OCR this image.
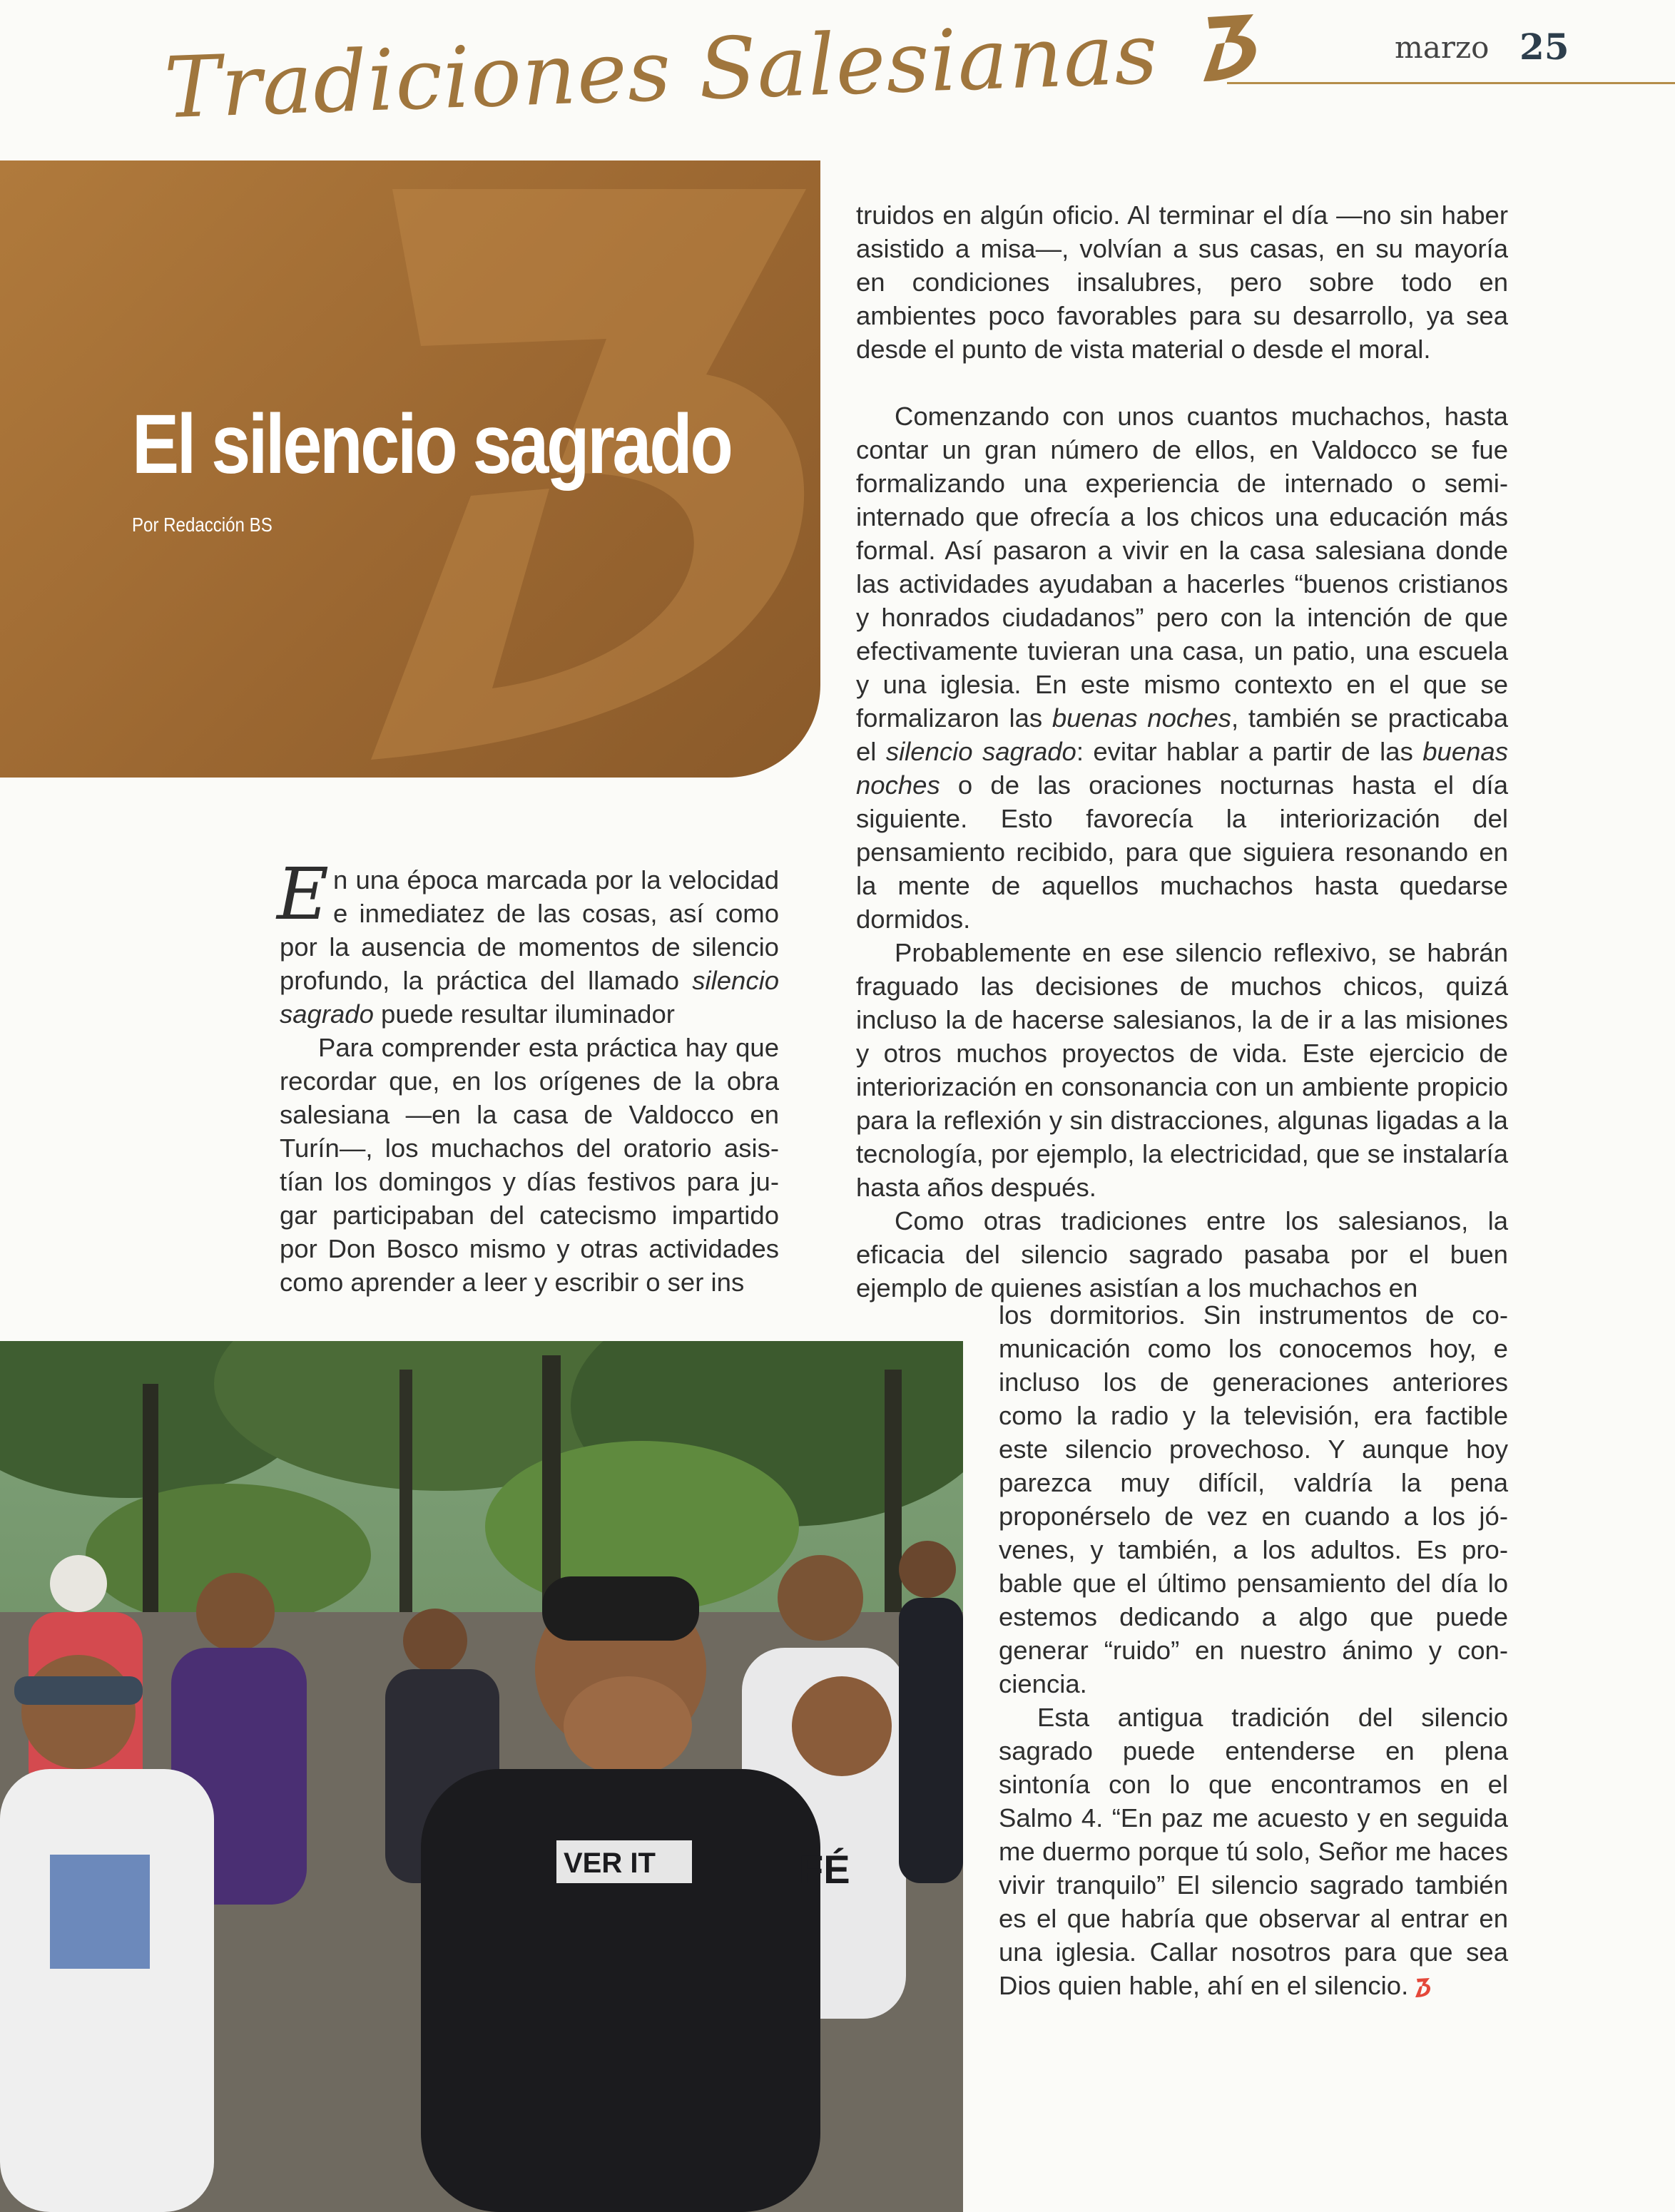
Tradiciones Salesianas	marzo 25
El silencio sagrado
Por Redacción BS

En una época marcada por la velocidad e inmediatez de las cosas, así como por la ausencia de momentos de silencio profundo, la práctica del llamado silencio sagrado puede resultar iluminador

Para comprender esta práctica hay que recordar que, en los orígenes de la obra salesiana —en la casa de Valdocco en Turín—, los muchachos del oratorio asistían los domingos y días festivos para jugar participaban del catecismo impartido por Don Bosco mismo y otras actividades como aprender a leer y escribir o ser ins

truidos en algún oficio. Al terminar el día —no sin haber asistido a misa—, volvían a sus casas, en su mayoría en condiciones insalubres, pero sobre todo en ambientes poco favorables para su desarrollo, ya sea desde el punto de vista material o desde el moral.

Comenzando con unos cuantos muchachos, hasta contar un gran número de ellos, en Valdocco se fue formalizando una experiencia de internado o semi-internado que ofrecía a los chicos una educación más formal. Así pasaron a vivir en la casa salesiana donde las actividades ayudaban a hacerles “buenos cristianos y honrados ciudadanos” pero con la intención de que efectivamente tuvieran una casa, un patio, una escuela y una iglesia. En este mismo contexto en el que se formalizaron las buenas noches, también se practicaba el silencio sagrado: evitar hablar a partir de las buenas noches o de las oraciones nocturnas hasta el día siguiente. Esto favorecía la interiorización del pensamiento recibido, para que siguiera resonando en la mente de aquellos muchachos hasta quedarse dormidos.

Probablemente en ese silencio reflexivo, se habrán fraguado las decisiones de muchos chicos, quizá incluso la de hacerse salesianos, la de ir a las misiones y otros muchos proyectos de vida. Este ejercicio de interiorización en consonancia con un ambiente propicio para la reflexión y sin distracciones, algunas ligadas a la tecnología, por ejemplo, la electricidad, que se instalaría hasta años después.

Como otras tradiciones entre los salesianos, la eficacia del silencio sagrado pasaba por el buen ejemplo de quienes asistían a los muchachos en

los dormitorios. Sin instrumentos de comunicación como los conocemos hoy, e incluso los de generaciones anteriores como la radio y la televisión, era factible este silencio provechoso. Y aunque hoy parezca muy difícil, valdría la pena proponérselo de vez en cuando a los jóvenes, y también, a los adultos. Es probable que el último pensamiento del día lo estemos dedicando a algo que puede generar “ruido” en nuestro ánimo y conciencia.

Esta antigua tradición del silencio sagrado puede entenderse en plena sintonía con lo que encontramos en el Salmo 4. “En paz me acuesto y en seguida me duermo porque tú solo, Señor me haces vivir tranquilo” El silencio sagrado también es el que habría que observar al entrar en una iglesia. Callar nosotros para que sea Dios quien hable, ahí en el silencio.

VER IT	FÉ
